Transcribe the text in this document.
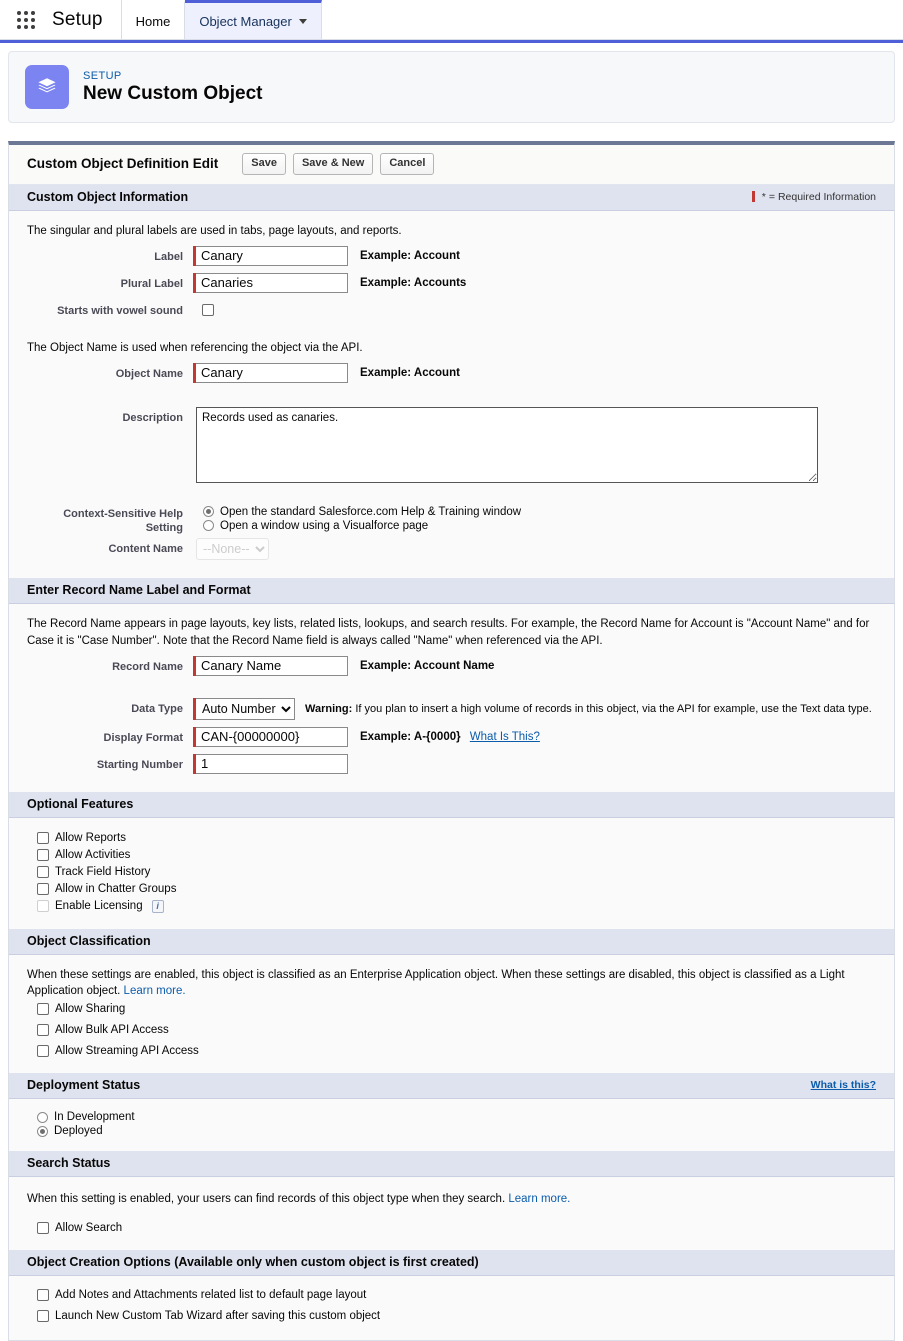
Setup	Home Object Manager
SETUP
New Custom Object
Custom Object Definition Edit	Save	Save & New	Cancel
Custom Object Information	* = Required Information
The singular and plural labels are used in tabs, page layouts, and reports.
Label
Canary	Example: Account
Plural Label
Canaries	Example: Accounts
Starts with vowel sound
The Object Name is used when referencing the object via the API.
Object Name
Canary	Example: Account
Description
Records used as canaries.
Context-Sensitive Help
Setting
Open the standard Salesforce.com Help & Training window
Open a window using a Visualforce page
Content Name
--None--
Enter Record Name Label and Format
The Record Name appears in page layouts, key lists, related lists, lookups, and search results. For example, the Record Name for Account is "Account Name" and for Case it is "Case Number". Note that the Record Name field is always called "Name" when referenced via the API.
Record Name
Canary Name	Example: Account Name
Data Type
Auto Number	Warning: If you plan to insert a high volume of records in this object, via the API for example, use the Text data type.
Display Format
CAN-{00000000}	Example: A-{0000} What Is This?
Starting Number
1
Optional Features
Allow Reports
Allow Activities
Track Field History
Allow in Chatter Groups
Enable Licensing	i
Object Classification
When these settings are enabled, this object is classified as an Enterprise Application object. When these settings are disabled, this object is classified as a Light Application object. Learn more.
Allow Sharing
Allow Bulk API Access
Allow Streaming API Access
Deployment Status	What is this?
In Development
Deployed
Search Status
When this setting is enabled, your users can find records of this object type when they search. Learn more.
Allow Search
Object Creation Options (Available only when custom object is first created)
Add Notes and Attachments related list to default page layout
Launch New Custom Tab Wizard after saving this custom object
